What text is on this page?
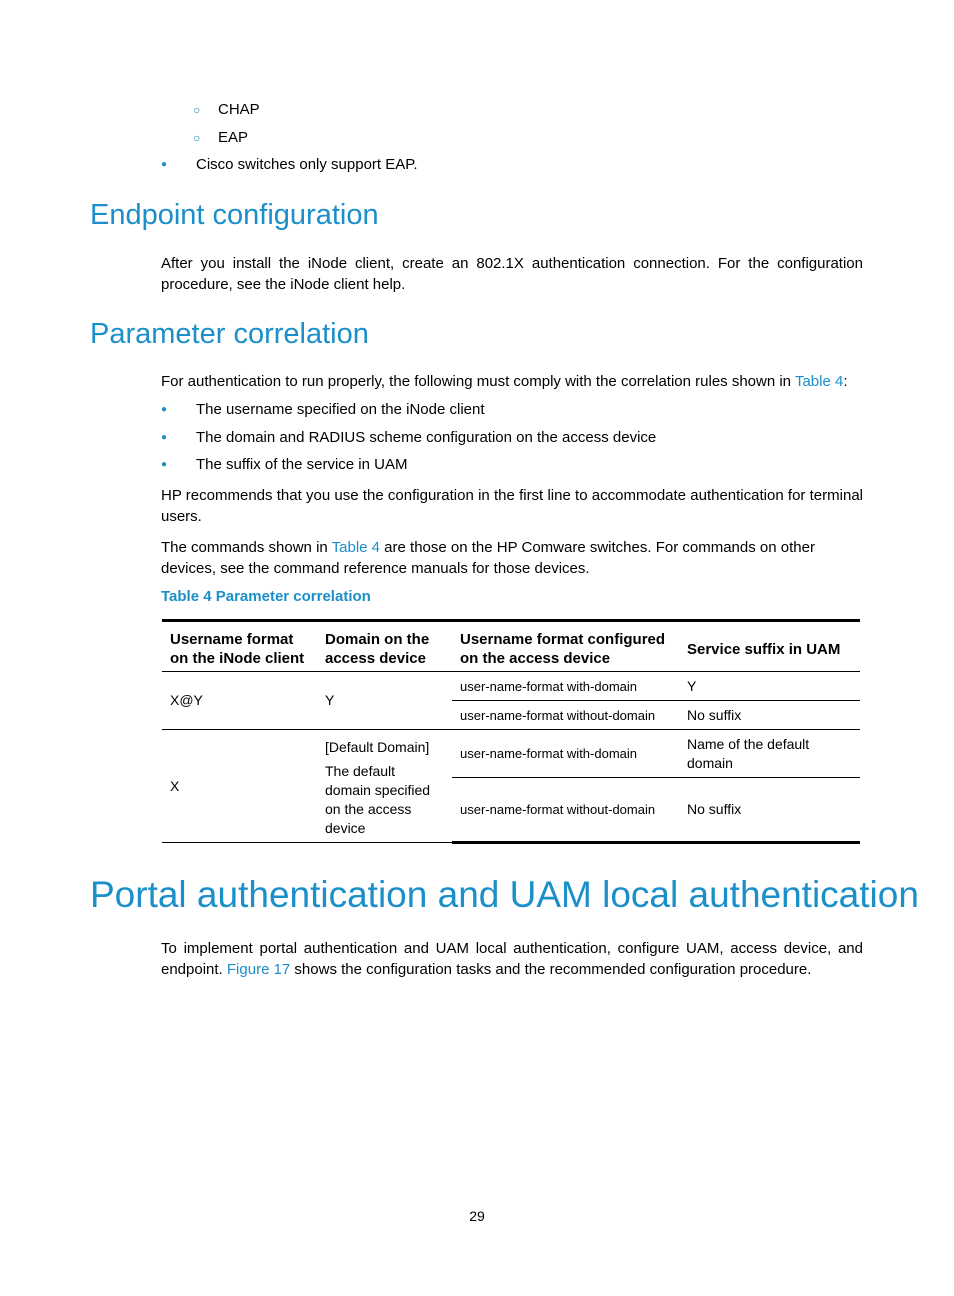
○ CHAP
○ EAP
● Cisco switches only support EAP.
Endpoint configuration

After you install the iNode client, create an 802.1X authentication connection. For the configuration procedure, see the iNode client help.

Parameter correlation

For authentication to run properly, the following must comply with the correlation rules shown in Table 4:

● The username specified on the iNode client
● The domain and RADIUS scheme configuration on the access device
● The suffix of the service in UAM

HP recommends that you use the configuration in the first line to accommodate authentication for terminal users.

The commands shown in Table 4 are those on the HP Comware switches. For commands on other devices, see the command reference manuals for those devices.

Table 4 Parameter correlation
Username format on the iNode client	Domain on the access device	Username format configured on the access device	Service suffix in UAM
X@Y	Y	user-name-format with-domain	Y
		user-name-format without-domain	No suffix
X	[Default Domain]
The default domain specified on the access device	user-name-format with-domain	Name of the default domain
		user-name-format without-domain	No suffix
Portal authentication and UAM local authentication

To implement portal authentication and UAM local authentication, configure UAM, access device, and endpoint. Figure 17 shows the configuration tasks and the recommended configuration procedure.

29
